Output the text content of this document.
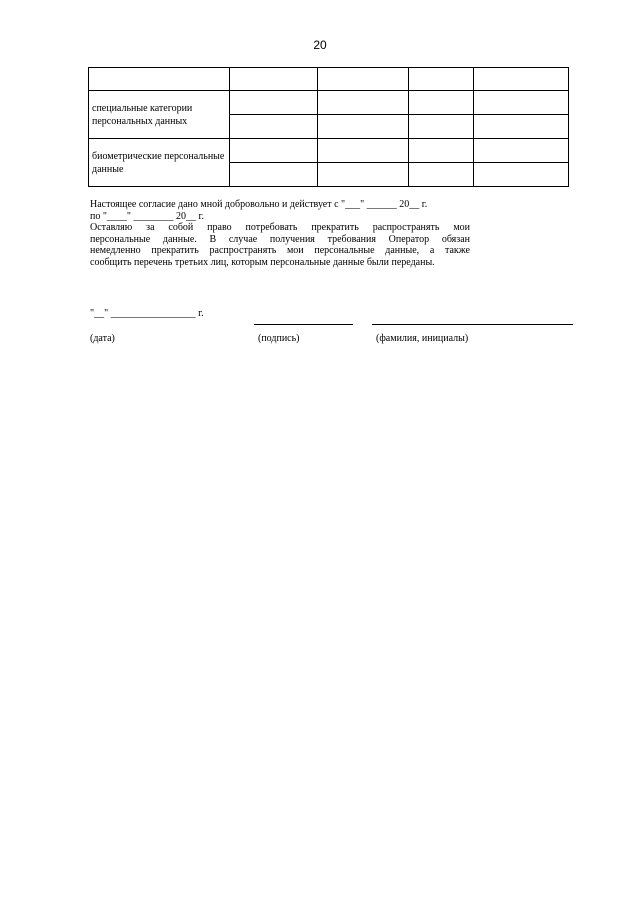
20

специальные категории персональных данных				

биометрические персональные данные				

Настоящее согласие дано мной добровольно и действует с "___" ______ 20__ г.

по "____" ________ 20__ г.

Оставляю за собой право потребовать прекратить распространять мои

персональные данные. В случае получения требования Оператор обязан

немедленно прекратить распространять мои персональные данные, а также

сообщить перечень третьих лиц, которым персональные данные были переданы.

"__" _________________ г.
(дата)	(подпись)	(фамилия, инициалы)
